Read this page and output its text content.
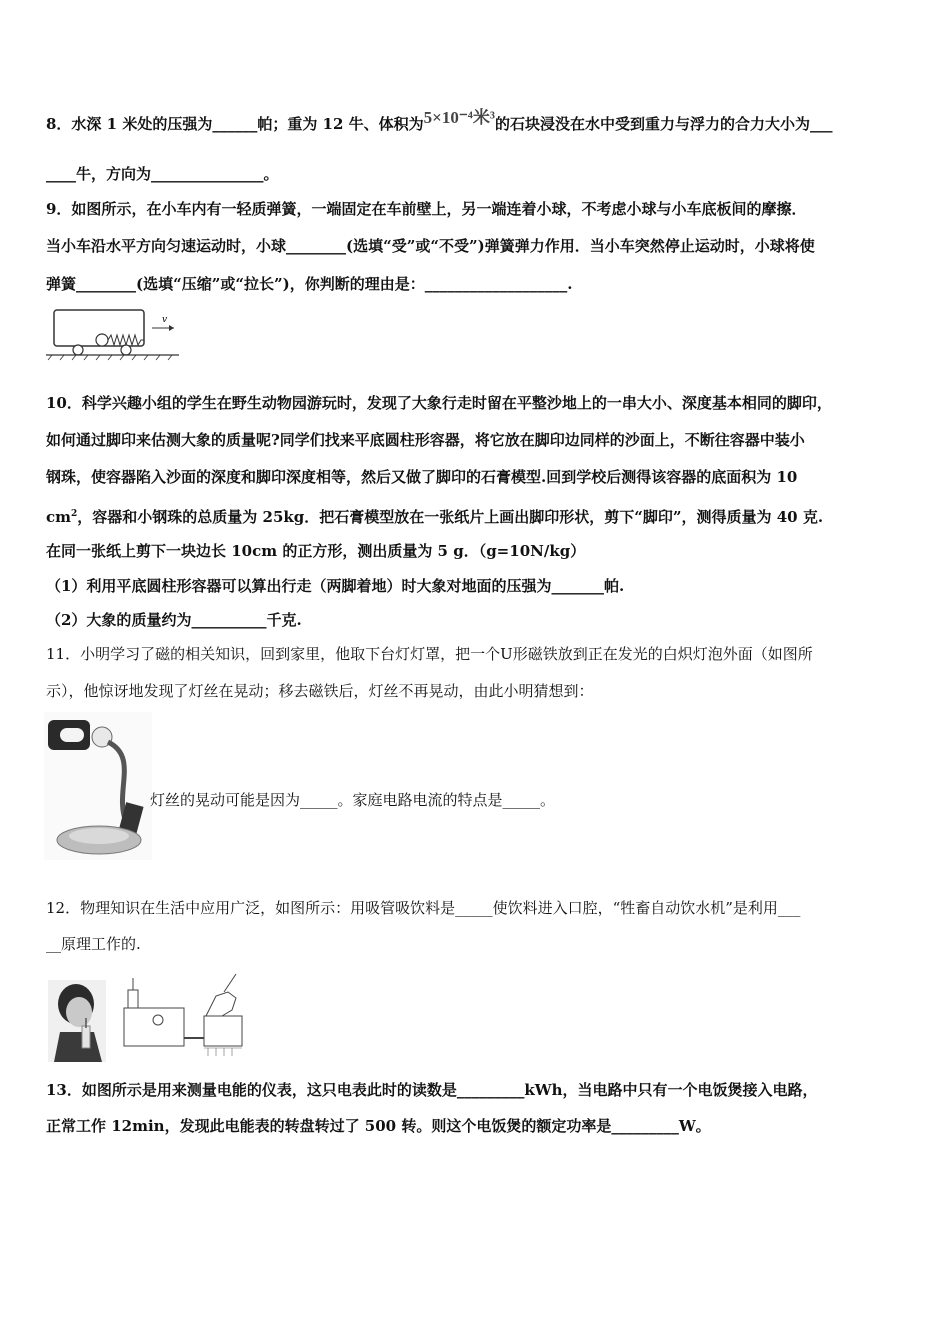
8．水深 1 米处的压强为______帕；重为 12 牛、体积为5×10⁻⁴米³的石块浸没在水中受到重力与浮力的合力大小为___
____牛，方向为_______________。
9．如图所示，在小车内有一轻质弹簧，一端固定在车前壁上，另一端连着小球，不考虑小球与小车底板间的摩擦．
当小车沿水平方向匀速运动时，小球________(选填“受”或“不受”)弹簧弹力作用．当小车突然停止运动时，小球将使
弹簧________(选填“压缩”或“拉长”)，你判断的理由是：___________________.
v
10．科学兴趣小组的学生在野生动物园游玩时，发现了大象行走时留在平整沙地上的一串大小、深度基本相同的脚印，
如何通过脚印来估测大象的质量呢?同学们找来平底圆柱形容器，将它放在脚印边同样的沙面上，不断往容器中装小
钢珠，使容器陷入沙面的深度和脚印深度相等，然后又做了脚印的石膏模型.回到学校后测得该容器的底面积为 10
$cm^2$，容器和小钢珠的总质量为 25kg．把石膏模型放在一张纸片上画出脚印形状，剪下“脚印”，测得质量为 40 克.
在同一张纸上剪下一块边长 10cm 的正方形，测出质量为 5 g．（g=10N/kg）
（1）利用平底圆柱形容器可以算出行走（两脚着地）时大象对地面的压强为_______帕.
（2）大象的质量约为__________千克.
11．小明学习了磁的相关知识，回到家里，他取下台灯灯罩，把一个U形磁铁放到正在发光的白炽灯泡外面（如图所
示），他惊讶地发现了灯丝在晃动；移去磁铁后，灯丝不再晃动，由此小明猜想到：
灯丝的晃动可能是因为_____。家庭电路电流的特点是_____。
12．物理知识在生活中应用广泛，如图所示：用吸管吸饮料是_____使饮料进入口腔，“牲畜自动饮水机”是利用___
__原理工作的.
13．如图所示是用来测量电能的仪表，这只电表此时的读数是_________kWh，当电路中只有一个电饭煲接入电路，
正常工作 12min，发现此电能表的转盘转过了 500 转。则这个电饭煲的额定功率是_________W。
